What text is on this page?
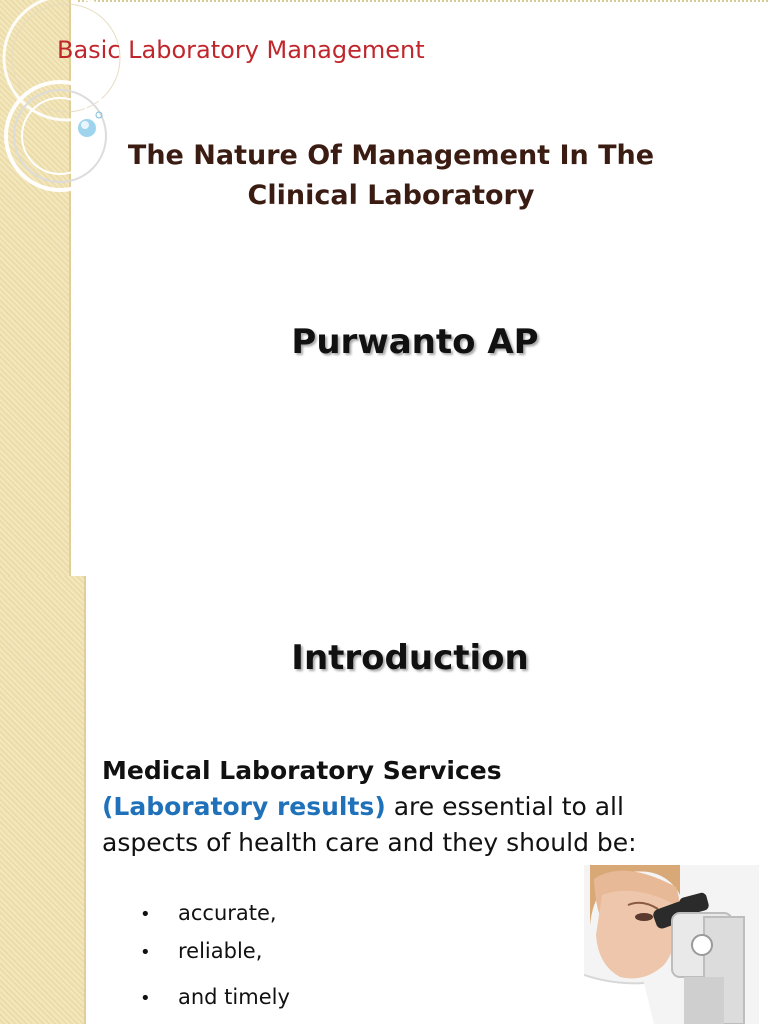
Basic Laboratory Management
The Nature Of Management In The Clinical Laboratory
Purwanto AP
Introduction
Medical Laboratory Services
(Laboratory results) are essential to all aspects of health care and they should be:
• accurate,
• reliable,
• and timely
